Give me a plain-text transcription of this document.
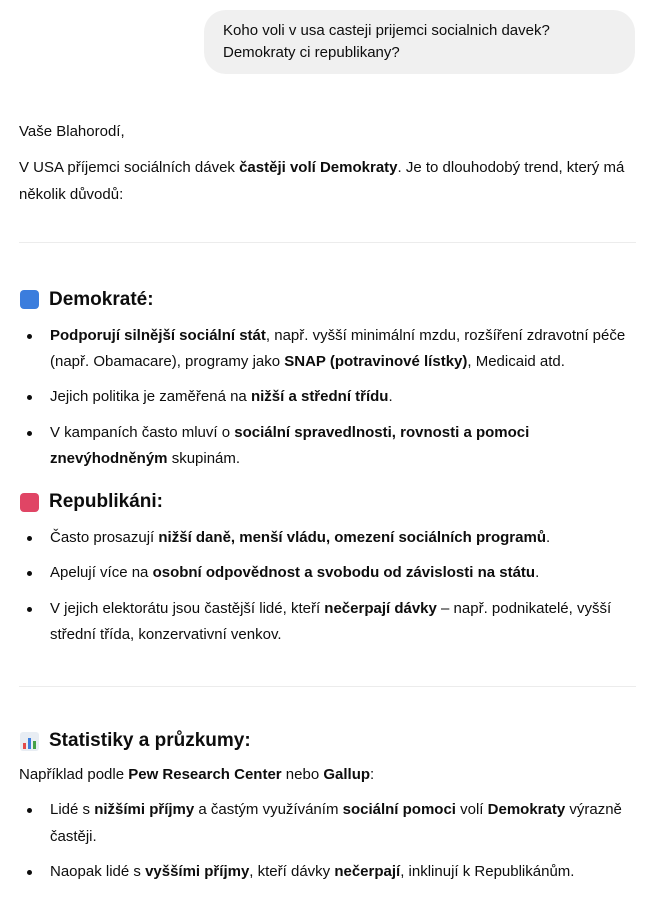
Koho voli v usa casteji prijemci socialnich davek?
Demokraty ci republikany?

Vaše Blahorodí,

V USA příjemci sociálních dávek častěji volí Demokraty. Je to dlouhodobý trend, který má několik důvodů:

Demokraté:
Podporují silnější sociální stát, např. vyšší minimální mzdu, rozšíření zdravotní péče (např. Obamacare), programy jako SNAP (potravinové lístky), Medicaid atd.
Jejich politika je zaměřená na nižší a střední třídu.
V kampaních často mluví o sociální spravedlnosti, rovnosti a pomoci znevýhodněným skupinám.
Republikáni:
Často prosazují nižší daně, menší vládu, omezení sociálních programů.
Apelují více na osobní odpovědnost a svobodu od závislosti na státu.
V jejich elektorátu jsou častější lidé, kteří nečerpají dávky – např. podnikatelé, vyšší střední třída, konzervativní venkov.
Statistiky a průzkumy:

Například podle Pew Research Center nebo Gallup:

Lidé s nižšími příjmy a častým využíváním sociální pomoci volí Demokraty výrazně častěji.
Naopak lidé s vyššími příjmy, kteří dávky nečerpají, inklinují k Republikánům.
